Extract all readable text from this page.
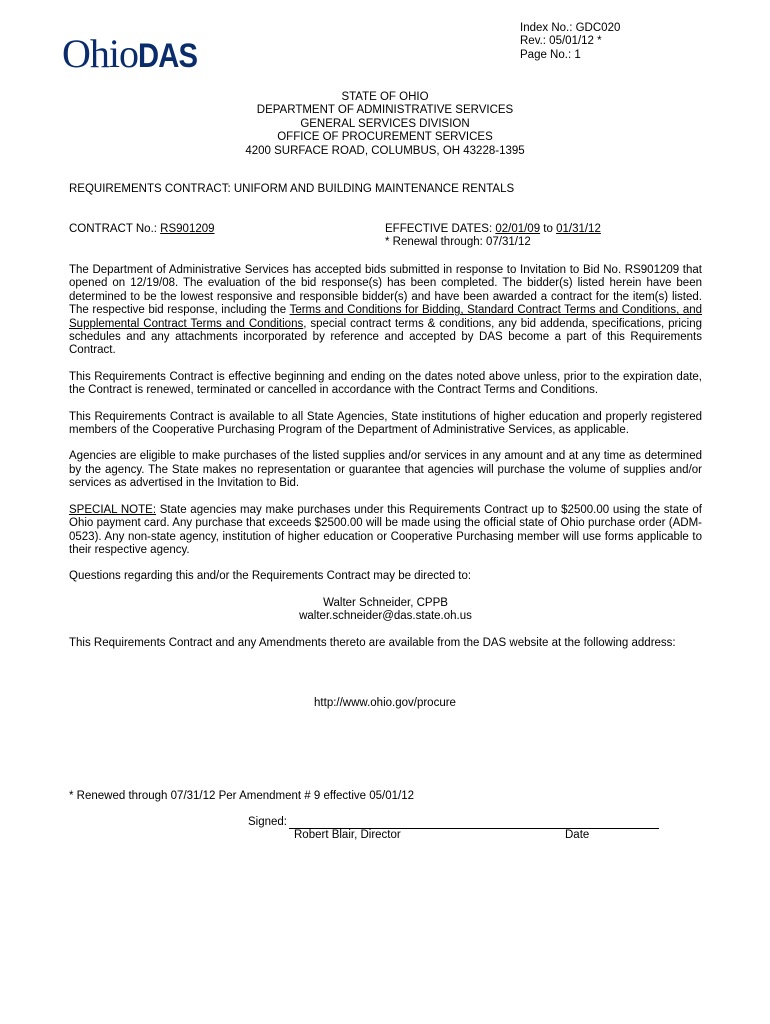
Ohio DAS
Index No.: GDC020
Rev.: 05/01/12 *
Page No.: 1
STATE OF OHIO
DEPARTMENT OF ADMINISTRATIVE SERVICES
GENERAL SERVICES DIVISION
OFFICE OF PROCUREMENT SERVICES
4200 SURFACE ROAD, COLUMBUS, OH 43228-1395
REQUIREMENTS CONTRACT: UNIFORM AND BUILDING MAINTENANCE RENTALS
CONTRACT No.: RS901209	EFFECTIVE DATES: 02/01/09 to 01/31/12
* Renewal through: 07/31/12

The Department of Administrative Services has accepted bids submitted in response to Invitation to Bid No. RS901209 that opened on 12/19/08. The evaluation of the bid response(s) has been completed. The bidder(s) listed herein have been determined to be the lowest responsive and responsible bidder(s) and have been awarded a contract for the item(s) listed. The respective bid response, including the Terms and Conditions for Bidding, Standard Contract Terms and Conditions, and Supplemental Contract Terms and Conditions, special contract terms & conditions, any bid addenda, specifications, pricing schedules and any attachments incorporated by reference and accepted by DAS become a part of this Requirements Contract.

This Requirements Contract is effective beginning and ending on the dates noted above unless, prior to the expiration date, the Contract is renewed, terminated or cancelled in accordance with the Contract Terms and Conditions.

This Requirements Contract is available to all State Agencies, State institutions of higher education and properly registered members of the Cooperative Purchasing Program of the Department of Administrative Services, as applicable.

Agencies are eligible to make purchases of the listed supplies and/or services in any amount and at any time as determined by the agency. The State makes no representation or guarantee that agencies will purchase the volume of supplies and/or services as advertised in the Invitation to Bid.

SPECIAL NOTE: State agencies may make purchases under this Requirements Contract up to $2500.00 using the state of Ohio payment card. Any purchase that exceeds $2500.00 will be made using the official state of Ohio purchase order (ADM-0523). Any non-state agency, institution of higher education or Cooperative Purchasing member will use forms applicable to their respective agency.

Questions regarding this and/or the Requirements Contract may be directed to:

Walter Schneider, CPPB
walter.schneider@das.state.oh.us

This Requirements Contract and any Amendments thereto are available from the DAS website at the following address:

http://www.ohio.gov/procure
* Renewed through 07/31/12 Per Amendment # 9 effective 05/01/12
Signed:
Robert Blair, Director	Date
